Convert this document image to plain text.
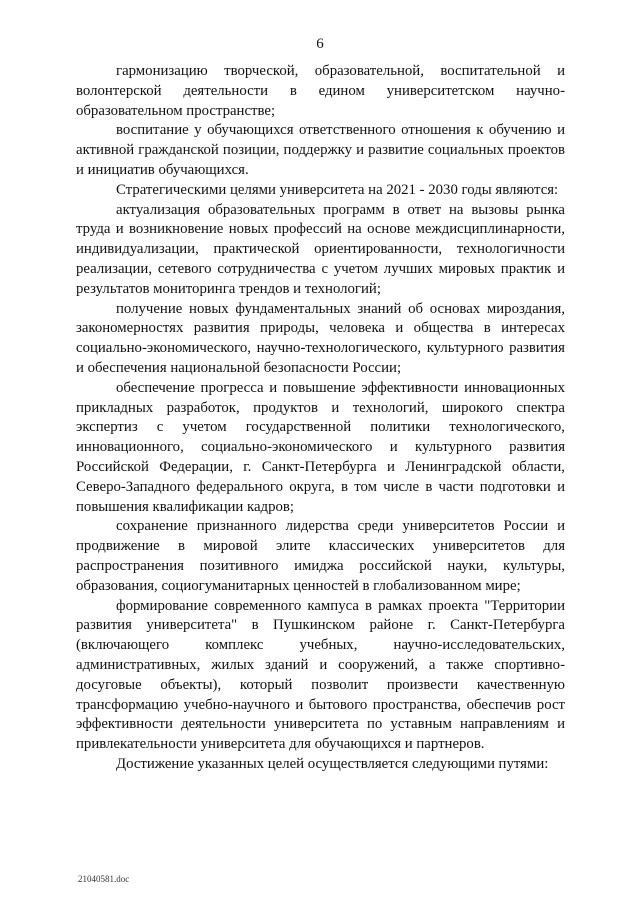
6

гармонизацию творческой, образовательной, воспитательной и волонтерской деятельности в едином университетском научно-образовательном пространстве;

воспитание у обучающихся ответственного отношения к обучению и активной гражданской позиции, поддержку и развитие социальных проектов и инициатив обучающихся.

Стратегическими целями университета на 2021 - 2030 годы являются:

актуализация образовательных программ в ответ на вызовы рынка труда и возникновение новых профессий на основе междисциплинарности, индивидуализации, практической ориентированности, технологичности реализации, сетевого сотрудничества с учетом лучших мировых практик и результатов мониторинга трендов и технологий;

получение новых фундаментальных знаний об основах мироздания, закономерностях развития природы, человека и общества в интересах социально-экономического, научно-технологического, культурного развития и обеспечения национальной безопасности России;

обеспечение прогресса и повышение эффективности инновационных прикладных разработок, продуктов и технологий, широкого спектра экспертиз с учетом государственной политики технологического, инновационного, социально-экономического и культурного развития Российской Федерации, г. Санкт-Петербурга и Ленинградской области, Северо-Западного федерального округа, в том числе в части подготовки и повышения квалификации кадров;

сохранение признанного лидерства среди университетов России и продвижение в мировой элите классических университетов для распространения позитивного имиджа российской науки, культуры, образования, социогуманитарных ценностей в глобализованном мире;

формирование современного кампуса в рамках проекта "Территории развития университета" в Пушкинском районе г. Санкт-Петербурга (включающего комплекс учебных, научно-исследовательских, административных, жилых зданий и сооружений, а также спортивно-досуговые объекты), который позволит произвести качественную трансформацию учебно-научного и бытового пространства, обеспечив рост эффективности деятельности университета по уставным направлениям и привлекательности университета для обучающихся и партнеров.

Достижение указанных целей осуществляется следующими путями:

21040581.doc
